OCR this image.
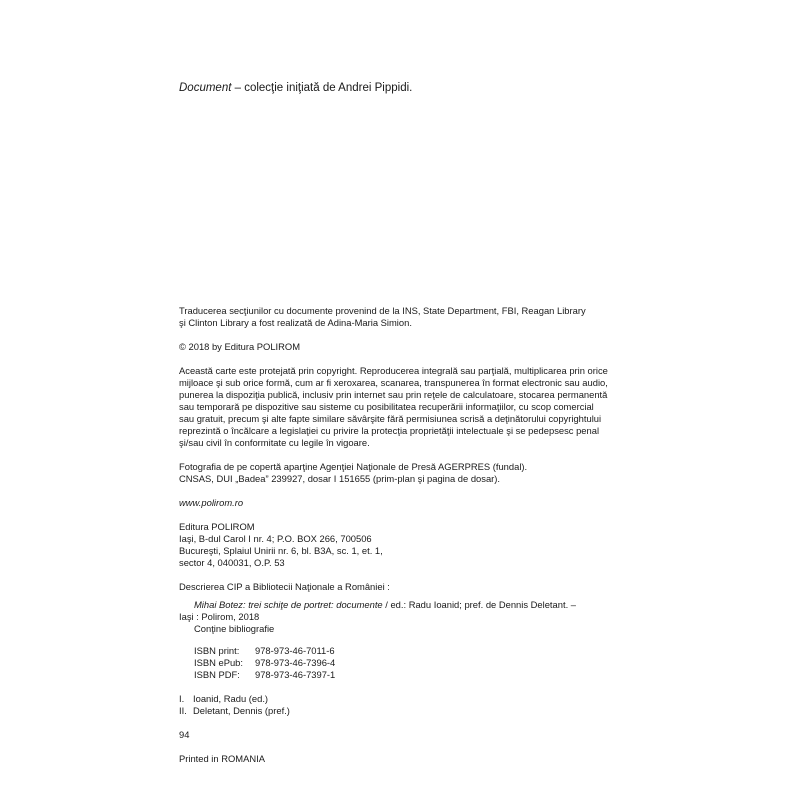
Document – colecţie iniţiată de Andrei Pippidi.

Traducerea secţiunilor cu documente provenind de la INS, State Department, FBI, Reagan Library

şi Clinton Library a fost realizată de Adina-Maria Simion.

© 2018 by Editura POLIROM

Această carte este protejată prin copyright. Reproducerea integrală sau parţială, multiplicarea prin orice

mijloace şi sub orice formă, cum ar fi xeroxarea, scanarea, transpunerea în format electronic sau audio,

punerea la dispoziţia publică, inclusiv prin internet sau prin reţele de calculatoare, stocarea permanentă

sau temporară pe dispozitive sau sisteme cu posibilitatea recuperării informaţiilor, cu scop comercial

sau gratuit, precum şi alte fapte similare săvârşite fără permisiunea scrisă a deţinătorului copyrightului

reprezintă o încălcare a legislaţiei cu privire la protecţia proprietăţii intelectuale şi se pedepsesc penal

şi/sau civil în conformitate cu legile în vigoare.

Fotografia de pe copertă aparţine Agenţiei Naţionale de Presă AGERPRES (fundal).

CNSAS, DUI „Badea” 239927, dosar I 151655 (prim-plan şi pagina de dosar).

www.polirom.ro

Editura POLIROM

Iaşi, B-dul Carol I nr. 4; P.O. BOX 266, 700506

Bucureşti, Splaiul Unirii nr. 6, bl. B3A, sc. 1, et. 1,

sector 4, 040031, O.P. 53

Descrierea CIP a Bibliotecii Naţionale a României :

Mihai Botez: trei schiţe de portret: documente / ed.: Radu Ioanid; pref. de Dennis Deletant. –

Iaşi : Polirom, 2018

Conţine bibliografie

ISBN print:	978-973-46-7011-6
ISBN ePub:	978-973-46-7396-4
ISBN PDF:	978-973-46-7397-1

I. Ioanid, Radu (ed.)

II. Deletant, Dennis (pref.)

94

Printed in ROMANIA
